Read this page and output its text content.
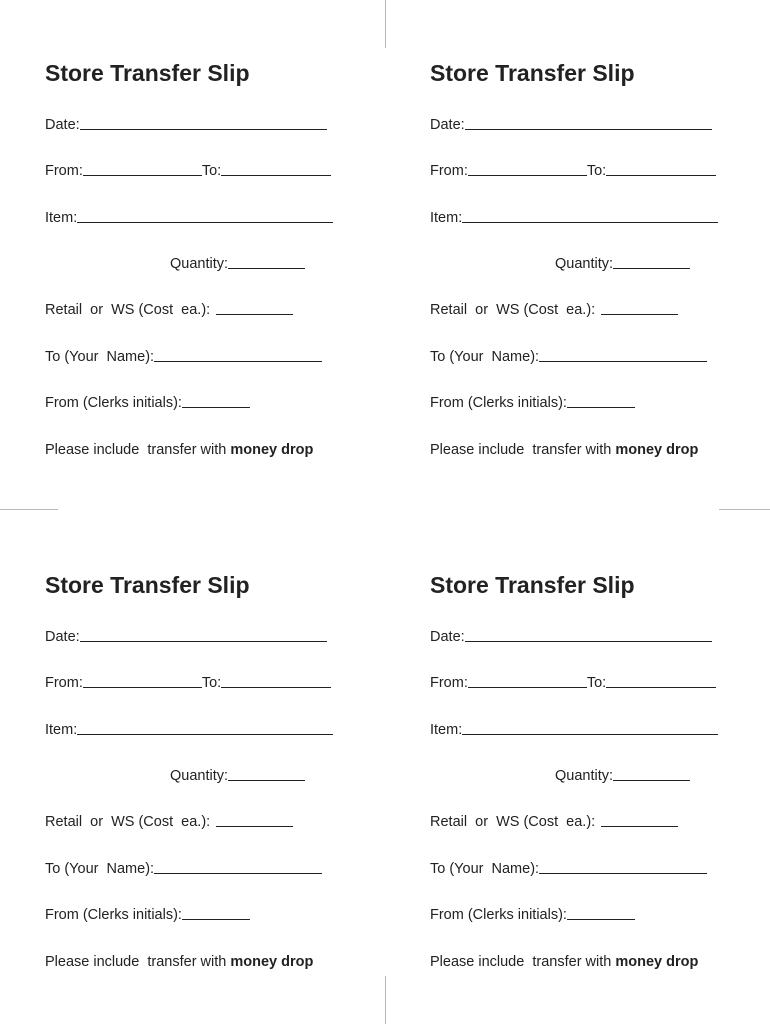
Store Transfer Slip
Date:
From:	To:
Item:
Quantity:
Retail  or  WS (Cost  ea.):
To (Your  Name):
From (Clerks initials):
Please include  transfer with money drop
Store Transfer Slip
Date:
From:	To:
Item:
Quantity:
Retail  or  WS (Cost  ea.):
To (Your  Name):
From (Clerks initials):
Please include  transfer with money drop
Store Transfer Slip
Date:
From:	To:
Item:
Quantity:
Retail  or  WS (Cost  ea.):
To (Your  Name):
From (Clerks initials):
Please include  transfer with money drop
Store Transfer Slip
Date:
From:	To:
Item:
Quantity:
Retail  or  WS (Cost  ea.):
To (Your  Name):
From (Clerks initials):
Please include  transfer with money drop
